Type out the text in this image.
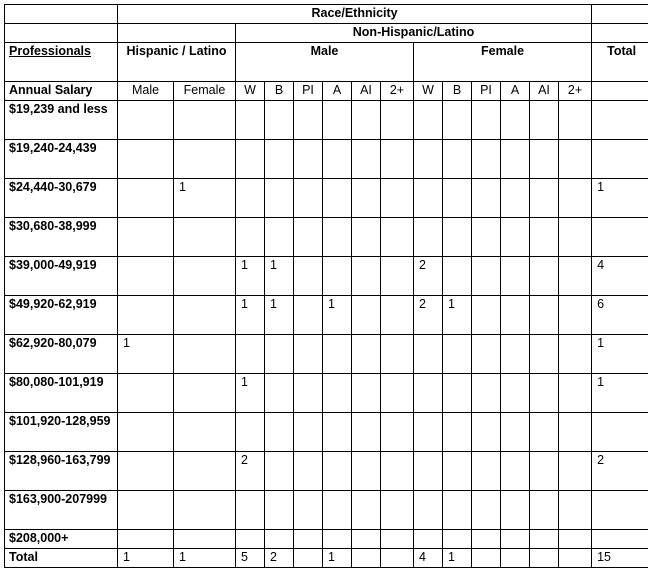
	Race/Ethnicity														
			Non-Hispanic/Latino												
Professionals	Hispanic / Latino		Male						Female						Total
Annual Salary	Male	Female	W	B	PI	A	AI	2+	W	B	PI	A	AI	2+	
$19,239 and less															
$19,240-24,439															
$24,440-30,679		1													1
$30,680-38,999															
$39,000-49,919			1	1					2						4
$49,920-62,919			1	1		1			2	1					6
$62,920-80,079	1														1
$80,080-101,919			1												1
$101,920-128,959															
$128,960-163,799			2												2
$163,900-207999															
$208,000+															
Total	1	1	5	2		1			4	1					15
